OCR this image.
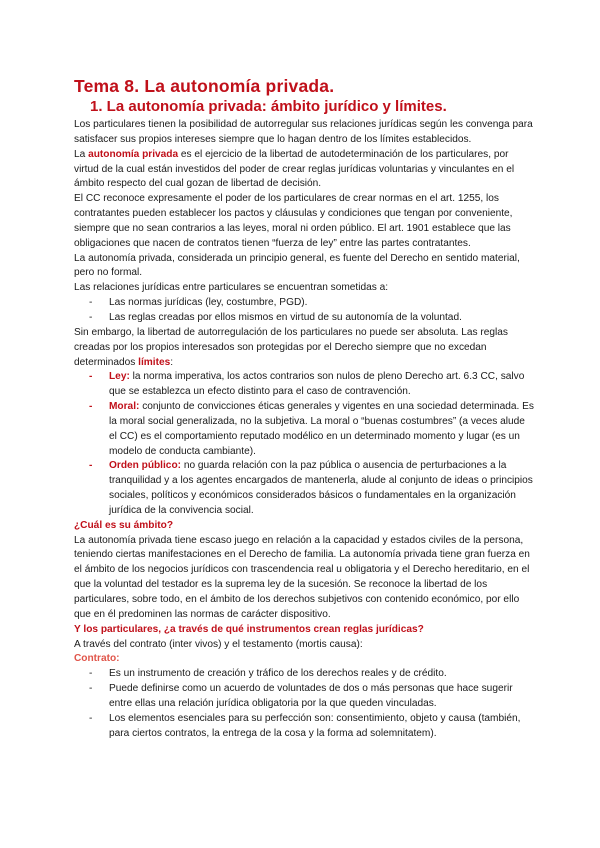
Tema 8. La autonomía privada.
1. La autonomía privada: ámbito jurídico y límites.

Los particulares tienen la posibilidad de autorregular sus relaciones jurídicas según les convenga para satisfacer sus propios intereses siempre que lo hagan dentro de los límites establecidos.

La autonomía privada es el ejercicio de la libertad de autodeterminación de los particulares, por virtud de la cual están investidos del poder de crear reglas jurídicas voluntarias y vinculantes en el ámbito respecto del cual gozan de libertad de decisión.

El CC reconoce expresamente el poder de los particulares de crear normas en el art. 1255, los contratantes pueden establecer los pactos y cláusulas y condiciones que tengan por conveniente, siempre que no sean contrarios a las leyes, moral ni orden público. El art. 1901 establece que las obligaciones que nacen de contratos tienen “fuerza de ley” entre las partes contratantes.

La autonomía privada, considerada un principio general, es fuente del Derecho en sentido material, pero no formal.

Las relaciones jurídicas entre particulares se encuentran sometidas a:

- Las normas jurídicas (ley, costumbre, PGD).
- Las reglas creadas por ellos mismos en virtud de su autonomía de la voluntad.

Sin embargo, la libertad de autorregulación de los particulares no puede ser absoluta. Las reglas creadas por los propios interesados son protegidas por el Derecho siempre que no excedan determinados límites:

- Ley: la norma imperativa, los actos contrarios son nulos de pleno Derecho art. 6.3 CC, salvo que se establezca un efecto distinto para el caso de contravención.
- Moral: conjunto de convicciones éticas generales y vigentes en una sociedad determinada. Es la moral social generalizada, no la subjetiva. La moral o “buenas costumbres” (a veces alude el CC) es el comportamiento reputado modélico en un determinado momento y lugar (es un modelo de conducta cambiante).
- Orden público: no guarda relación con la paz pública o ausencia de perturbaciones a la tranquilidad y a los agentes encargados de mantenerla, alude al conjunto de ideas o principios sociales, políticos y económicos considerados básicos o fundamentales en la organización jurídica de la convivencia social.

¿Cuál es su ámbito?

La autonomía privada tiene escaso juego en relación a la capacidad y estados civiles de la persona, teniendo ciertas manifestaciones en el Derecho de familia. La autonomía privada tiene gran fuerza en el ámbito de los negocios jurídicos con trascendencia real u obligatoria y el Derecho hereditario, en el que la voluntad del testador es la suprema ley de la sucesión. Se reconoce la libertad de los particulares, sobre todo, en el ámbito de los derechos subjetivos con contenido económico, por ello que en él predominen las normas de carácter dispositivo.

Y los particulares, ¿a través de qué instrumentos crean reglas jurídicas?

A través del contrato (inter vivos) y el testamento (mortis causa):

Contrato:

- Es un instrumento de creación y tráfico de los derechos reales y de crédito.
- Puede definirse como un acuerdo de voluntades de dos o más personas que hace sugerir entre ellas una relación jurídica obligatoria por la que queden vinculadas.
- Los elementos esenciales para su perfección son: consentimiento, objeto y causa (también, para ciertos contratos, la entrega de la cosa y la forma ad solemnitatem).
